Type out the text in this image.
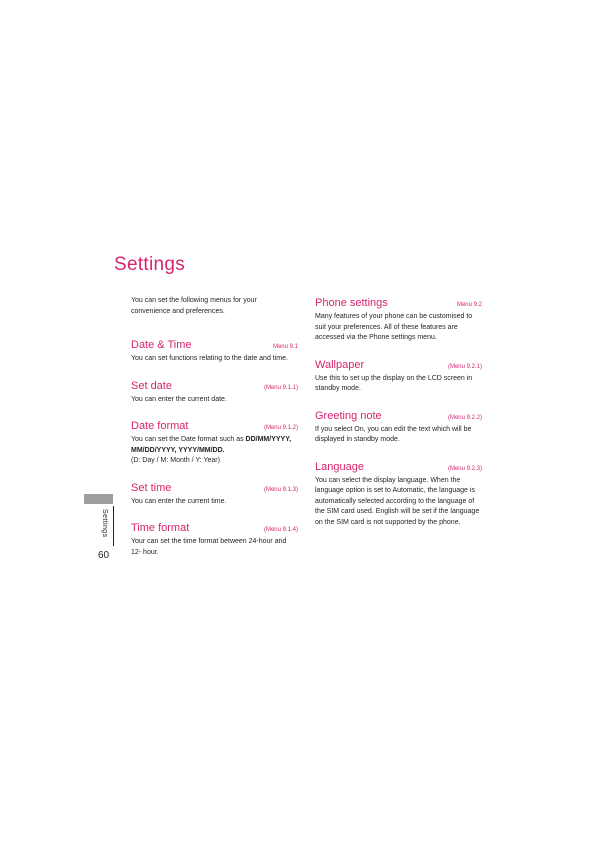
Settings

You can set the following menus for your convenience and preferences.

Date & Time	Menu 9.1

You can set functions relating to the date and time.

Set date	(Menu 9.1.1)

You can enter the current date.

Date format	(Menu 9.1.2)

You can set the Date format such as DD/MM/YYYY, MM/DD/YYYY, YYYY/MM/DD.
(D: Day / M: Month / Y: Year)

Set time	(Menu 9.1.3)

You can enter the current time.

Time format	(Menu 9.1.4)

Your can set the time format between 24-hour and 12- hour.

Phone settings	Menu 9.2

Many features of your phone can be customised to suit your preferences. All of these features are accessed via the Phone settings menu.

Wallpaper	(Menu 9.2.1)

Use this to set up the display on the LCD screen in standby mode.

Greeting note	(Menu 9.2.2)

If you select On, you can edit the text which will be displayed in standby mode.

Language	(Menu 9.2.3)

You can select the display language. When the language option is set to Automatic, the language is automatically selected according to the language of the SIM card used. English will be set if the language on the SIM card is not supported by the phone.

Settings
60
